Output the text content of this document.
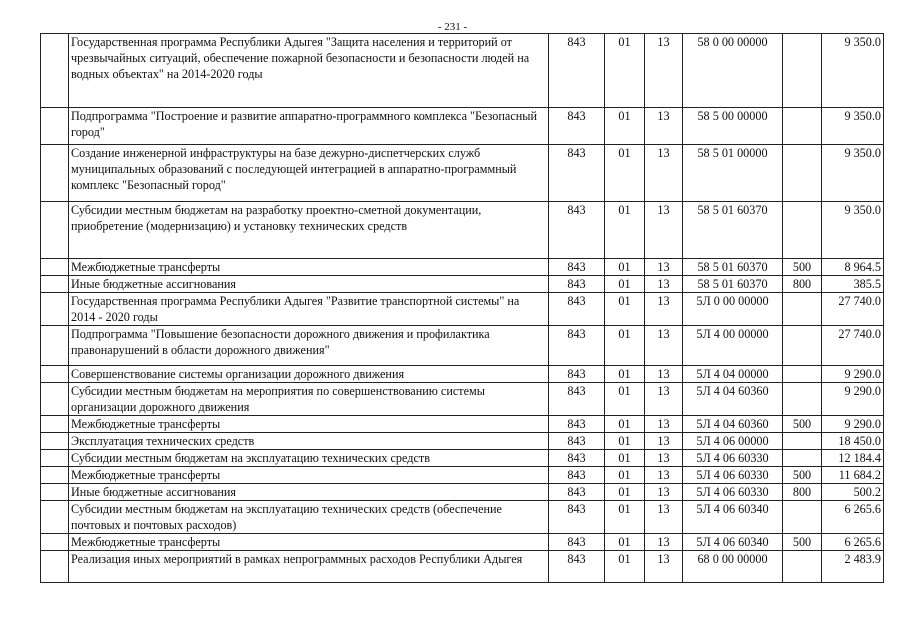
- 231 -
	Государственная программа Республики Адыгея "Защита населения и территорий от чрезвычайных ситуаций, обеспечение пожарной безопасности и безопасности людей на водных объектах" на 2014-2020 годы	843	01	13	58 0 00 00000		9 350.0
	Подпрограмма "Построение и развитие аппаратно-программного комплекса "Безопасный город"	843	01	13	58 5 00 00000		9 350.0
	Создание инженерной инфраструктуры на базе дежурно-диспетчерских служб муниципальных образований с последующей интеграцией в аппаратно-программный комплекс "Безопасный город"	843	01	13	58 5 01 00000		9 350.0
	Субсидии местным бюджетам на разработку проектно-сметной документации, приобретение (модернизацию) и установку технических средств	843	01	13	58 5 01 60370		9 350.0
	Межбюджетные трансферты	843	01	13	58 5 01 60370	500	8 964.5
	Иные бюджетные ассигнования	843	01	13	58 5 01 60370	800	385.5
	Государственная программа Республики Адыгея "Развитие транспортной системы" на 2014 - 2020 годы	843	01	13	5Л 0 00 00000		27 740.0
	Подпрограмма "Повышение безопасности дорожного движения и профилактика правонарушений в области дорожного движения"	843	01	13	5Л 4 00 00000		27 740.0
	Совершенствование системы организации дорожного движения	843	01	13	5Л 4 04 00000		9 290.0
	Субсидии местным бюджетам на мероприятия по совершенствованию системы организации дорожного движения	843	01	13	5Л 4 04 60360		9 290.0
	Межбюджетные трансферты	843	01	13	5Л 4 04 60360	500	9 290.0
	Эксплуатация технических средств	843	01	13	5Л 4 06 00000		18 450.0
	Субсидии местным бюджетам на эксплуатацию технических средств	843	01	13	5Л 4 06 60330		12 184.4
	Межбюджетные трансферты	843	01	13	5Л 4 06 60330	500	11 684.2
	Иные бюджетные ассигнования	843	01	13	5Л 4 06 60330	800	500.2
	Субсидии местным бюджетам на эксплуатацию технических средств (обеспечение почтовых и почтовых расходов)	843	01	13	5Л 4 06 60340		6 265.6
	Межбюджетные трансферты	843	01	13	5Л 4 06 60340	500	6 265.6
	Реализация иных мероприятий в рамках непрограммных расходов Республики Адыгея	843	01	13	68 0 00 00000		2 483.9
